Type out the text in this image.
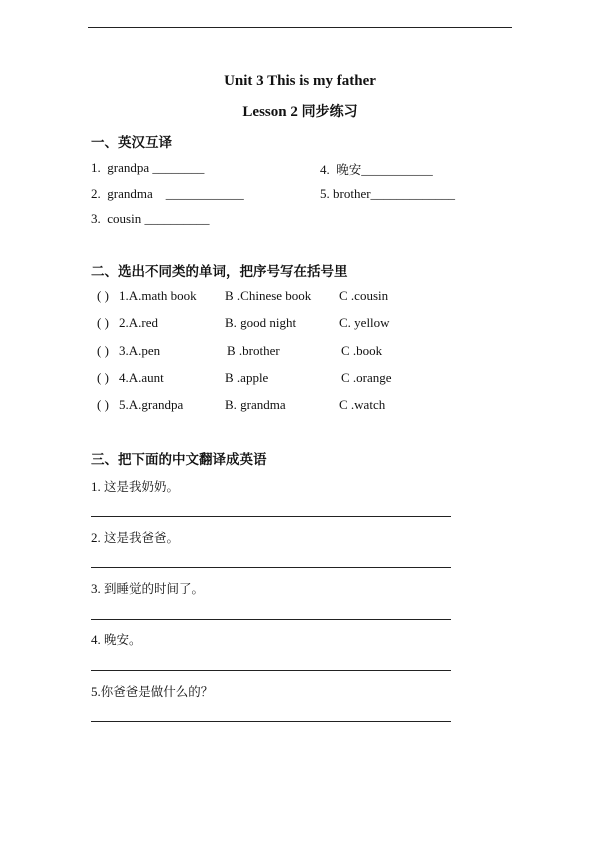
Unit 3 This is my father
Lesson 2 同步练习
一、英汉互译
1. grandpa ________
2. grandma ____________
3. cousin __________
4. 晚安___________
5. brother_____________
二、选出不同类的单词，把序号写在括号里
( ) 1.A.math book B .Chinese book C .cousin
( ) 2.A.red	B. good night	C. yellow
( ) 3.A.pen	B .brother	C .book
( ) 4.A.aunt	B .apple	C .orange
( ) 5.A.grandpa	B. grandma	C .watch
三、把下面的中文翻译成英语
1. 这是我奶奶。
2. 这是我爸爸。
3. 到睡觉的时间了。
4. 晚安。
5.你爸爸是做什么的？
